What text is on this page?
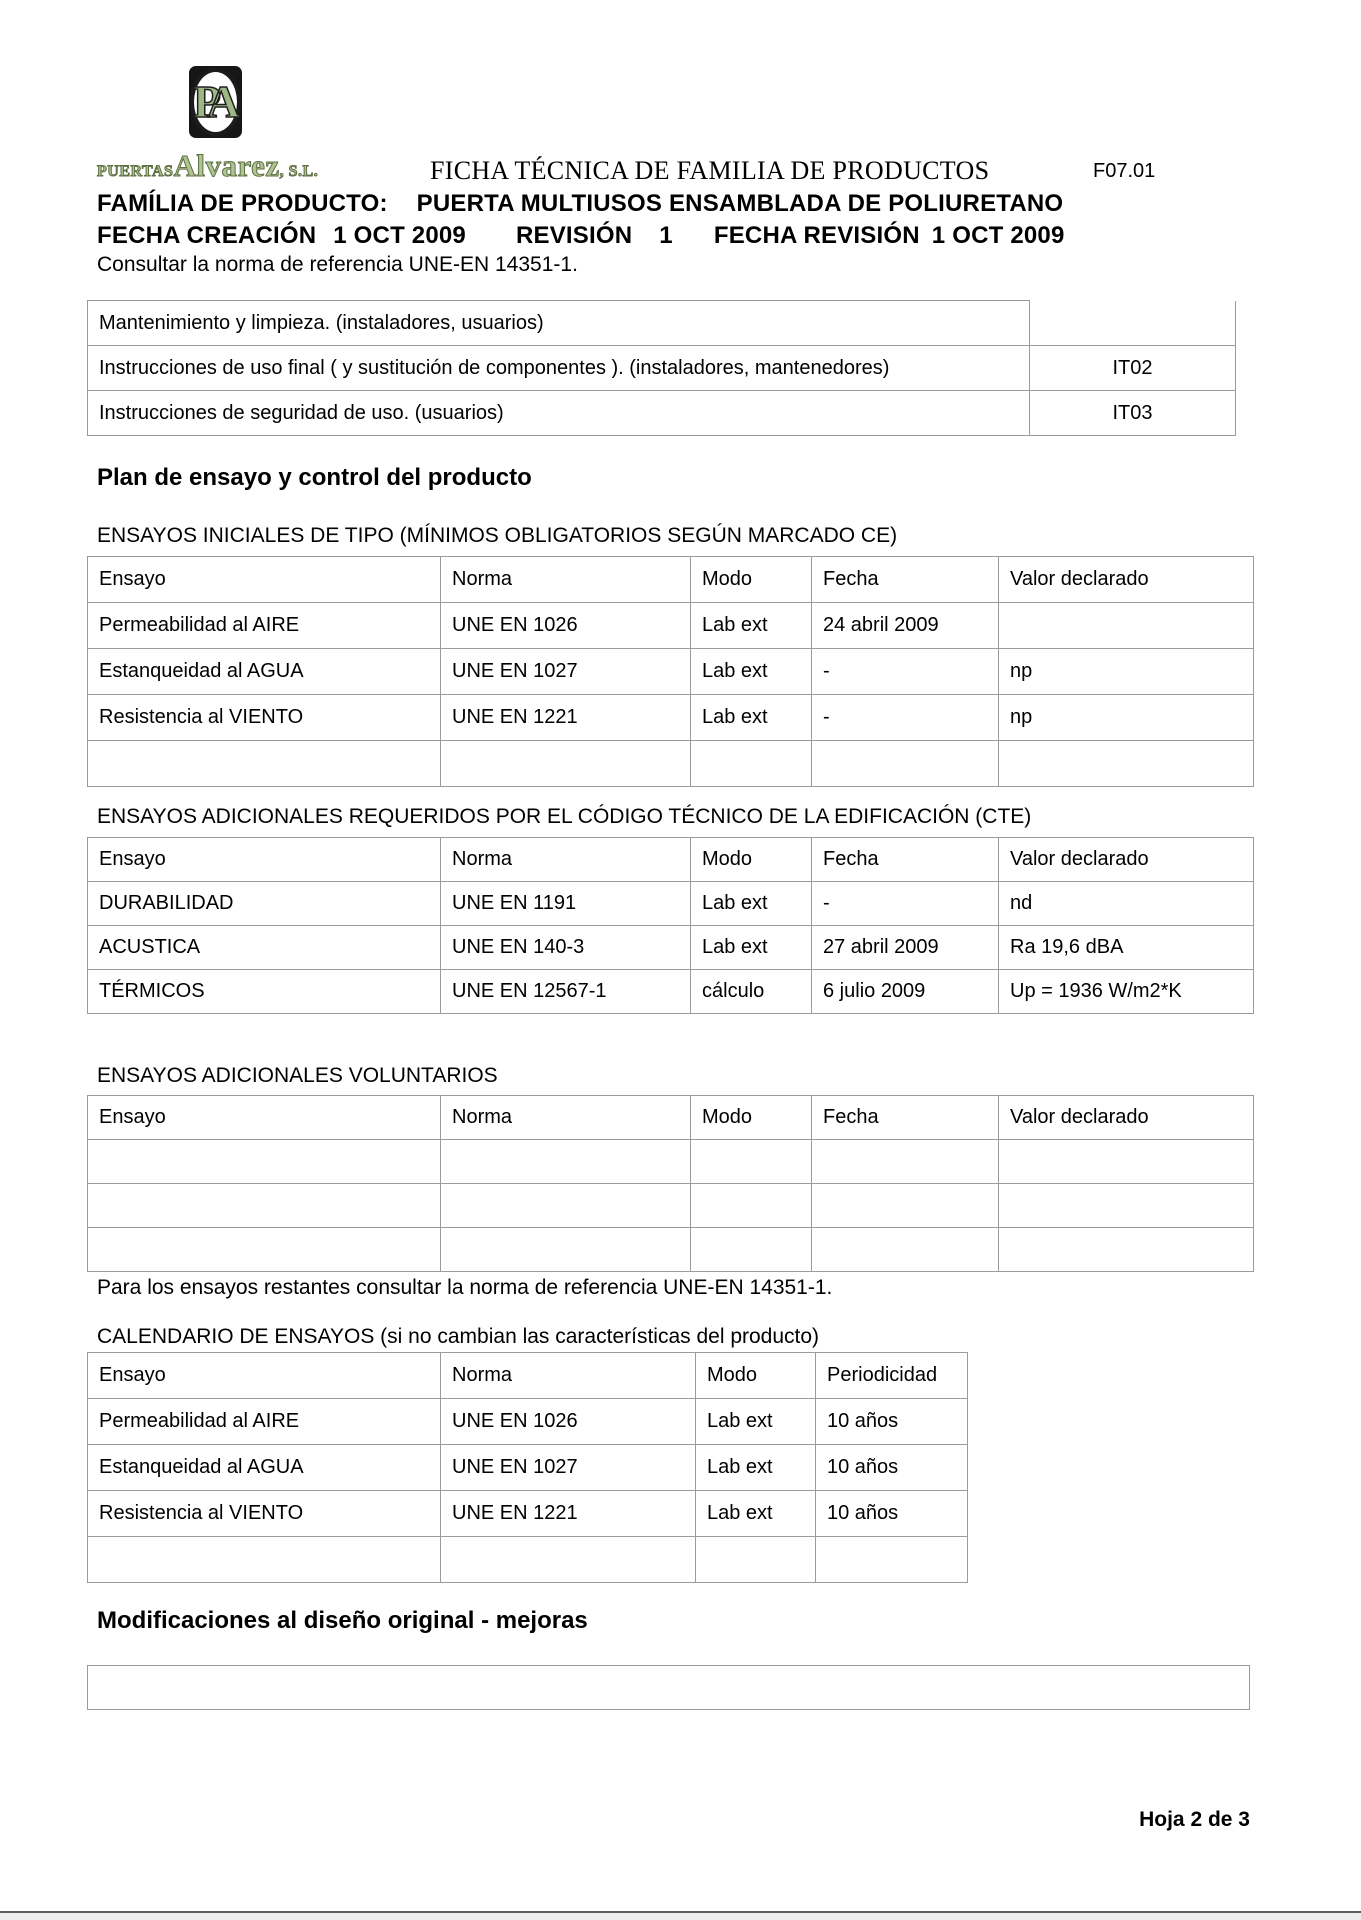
PA
PUERTASAlvarez, S.L.	FICHA TÉCNICA DE FAMILIA DE PRODUCTOS	F07.01
FAMÍLIA DE PRODUCTO: PUERTA MULTIUSOS ENSAMBLADA DE POLIURETANO
FECHA CREACIÓN 1 OCT 2009 REVISIÓN 1 FECHA REVISIÓN 1 OCT 2009
Consultar la norma de referencia UNE-EN 14351-1.
Mantenimiento y limpieza. (instaladores, usuarios)	
Instrucciones de uso final ( y sustitución de componentes ). (instaladores, mantenedores)	IT02
Instrucciones de seguridad de uso. (usuarios)	IT03
Plan de ensayo y control del producto
ENSAYOS INICIALES DE TIPO (MÍNIMOS OBLIGATORIOS SEGÚN MARCADO CE)
Ensayo	Norma	Modo	Fecha	Valor declarado
Permeabilidad al AIRE	UNE EN 1026	Lab ext	24 abril 2009	
Estanqueidad al AGUA	UNE EN 1027	Lab ext	-	np
Resistencia al VIENTO	UNE EN 1221	Lab ext	-	np

ENSAYOS ADICIONALES REQUERIDOS POR EL CÓDIGO TÉCNICO DE LA EDIFICACIÓN (CTE)
Ensayo	Norma	Modo	Fecha	Valor declarado
DURABILIDAD	UNE EN 1191	Lab ext	-	nd
ACUSTICA	UNE EN 140-3	Lab ext	27 abril 2009	Ra 19,6 dBA
TÉRMICOS	UNE EN 12567-1	cálculo	6 julio 2009	Up = 1936 W/m2*K
ENSAYOS ADICIONALES VOLUNTARIOS
Ensayo	Norma	Modo	Fecha	Valor declarado

Para los ensayos restantes consultar la norma de referencia UNE-EN 14351-1.
CALENDARIO DE ENSAYOS (si no cambian las características del producto)
Ensayo	Norma	Modo	Periodicidad
Permeabilidad al AIRE	UNE EN 1026	Lab ext	10 años
Estanqueidad al AGUA	UNE EN 1027	Lab ext	10 años
Resistencia al VIENTO	UNE EN 1221	Lab ext	10 años

Modificaciones al diseño original - mejoras
Hoja 2 de 3
